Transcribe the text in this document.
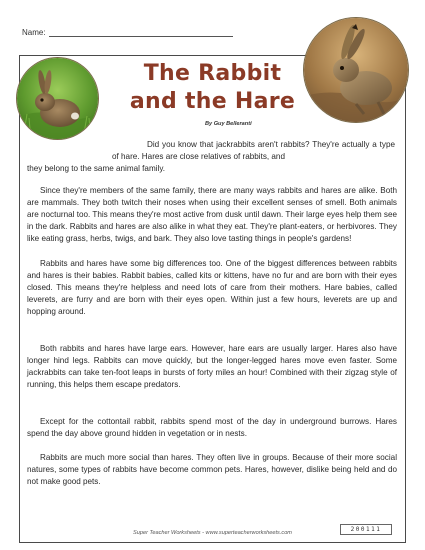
Name:
The Rabbit
and the Hare
By Guy Belleranti

Did you know that jackrabbits aren't rabbits? They're actually a type of hare. Hares are close relatives of rabbits, and

they belong to the same animal family.

Since they're members of the same family, there are many ways rabbits and hares are alike. Both are mammals. They both twitch their noses when using their excellent senses of smell. Both animals are nocturnal too. This means they're most active from dusk until dawn. Their large eyes help them see in the dark. Rabbits and hares are also alike in what they eat. They're plant-eaters, or herbivores. They like eating grass, herbs, twigs, and bark. They also love tasting things in people's gardens!

Rabbits and hares have some big differences too. One of the biggest differences between rabbits and hares is their babies. Rabbit babies, called kits or kittens, have no fur and are born with their eyes closed. This means they're helpless and need lots of care from their mothers. Hare babies, called leverets, are furry and are born with their eyes open. Within just a few hours, leverets are up and hopping around.

Both rabbits and hares have large ears. However, hare ears are usually larger. Hares also have longer hind legs. Rabbits can move quickly, but the longer-legged hares move even faster. Some jackrabbits can take ten-foot leaps in bursts of forty miles an hour! Combined with their zigzag style of running, this helps them escape predators.

Except for the cottontail rabbit, rabbits spend most of the day in underground burrows. Hares spend the day above ground hidden in vegetation or in nests.

Rabbits are much more social than hares. They often live in groups. Because of their more social natures, some types of rabbits have become common pets. Hares, however, dislike being held and do not make good pets.

Super Teacher Worksheets - www.superteacherworksheets.com	200111
